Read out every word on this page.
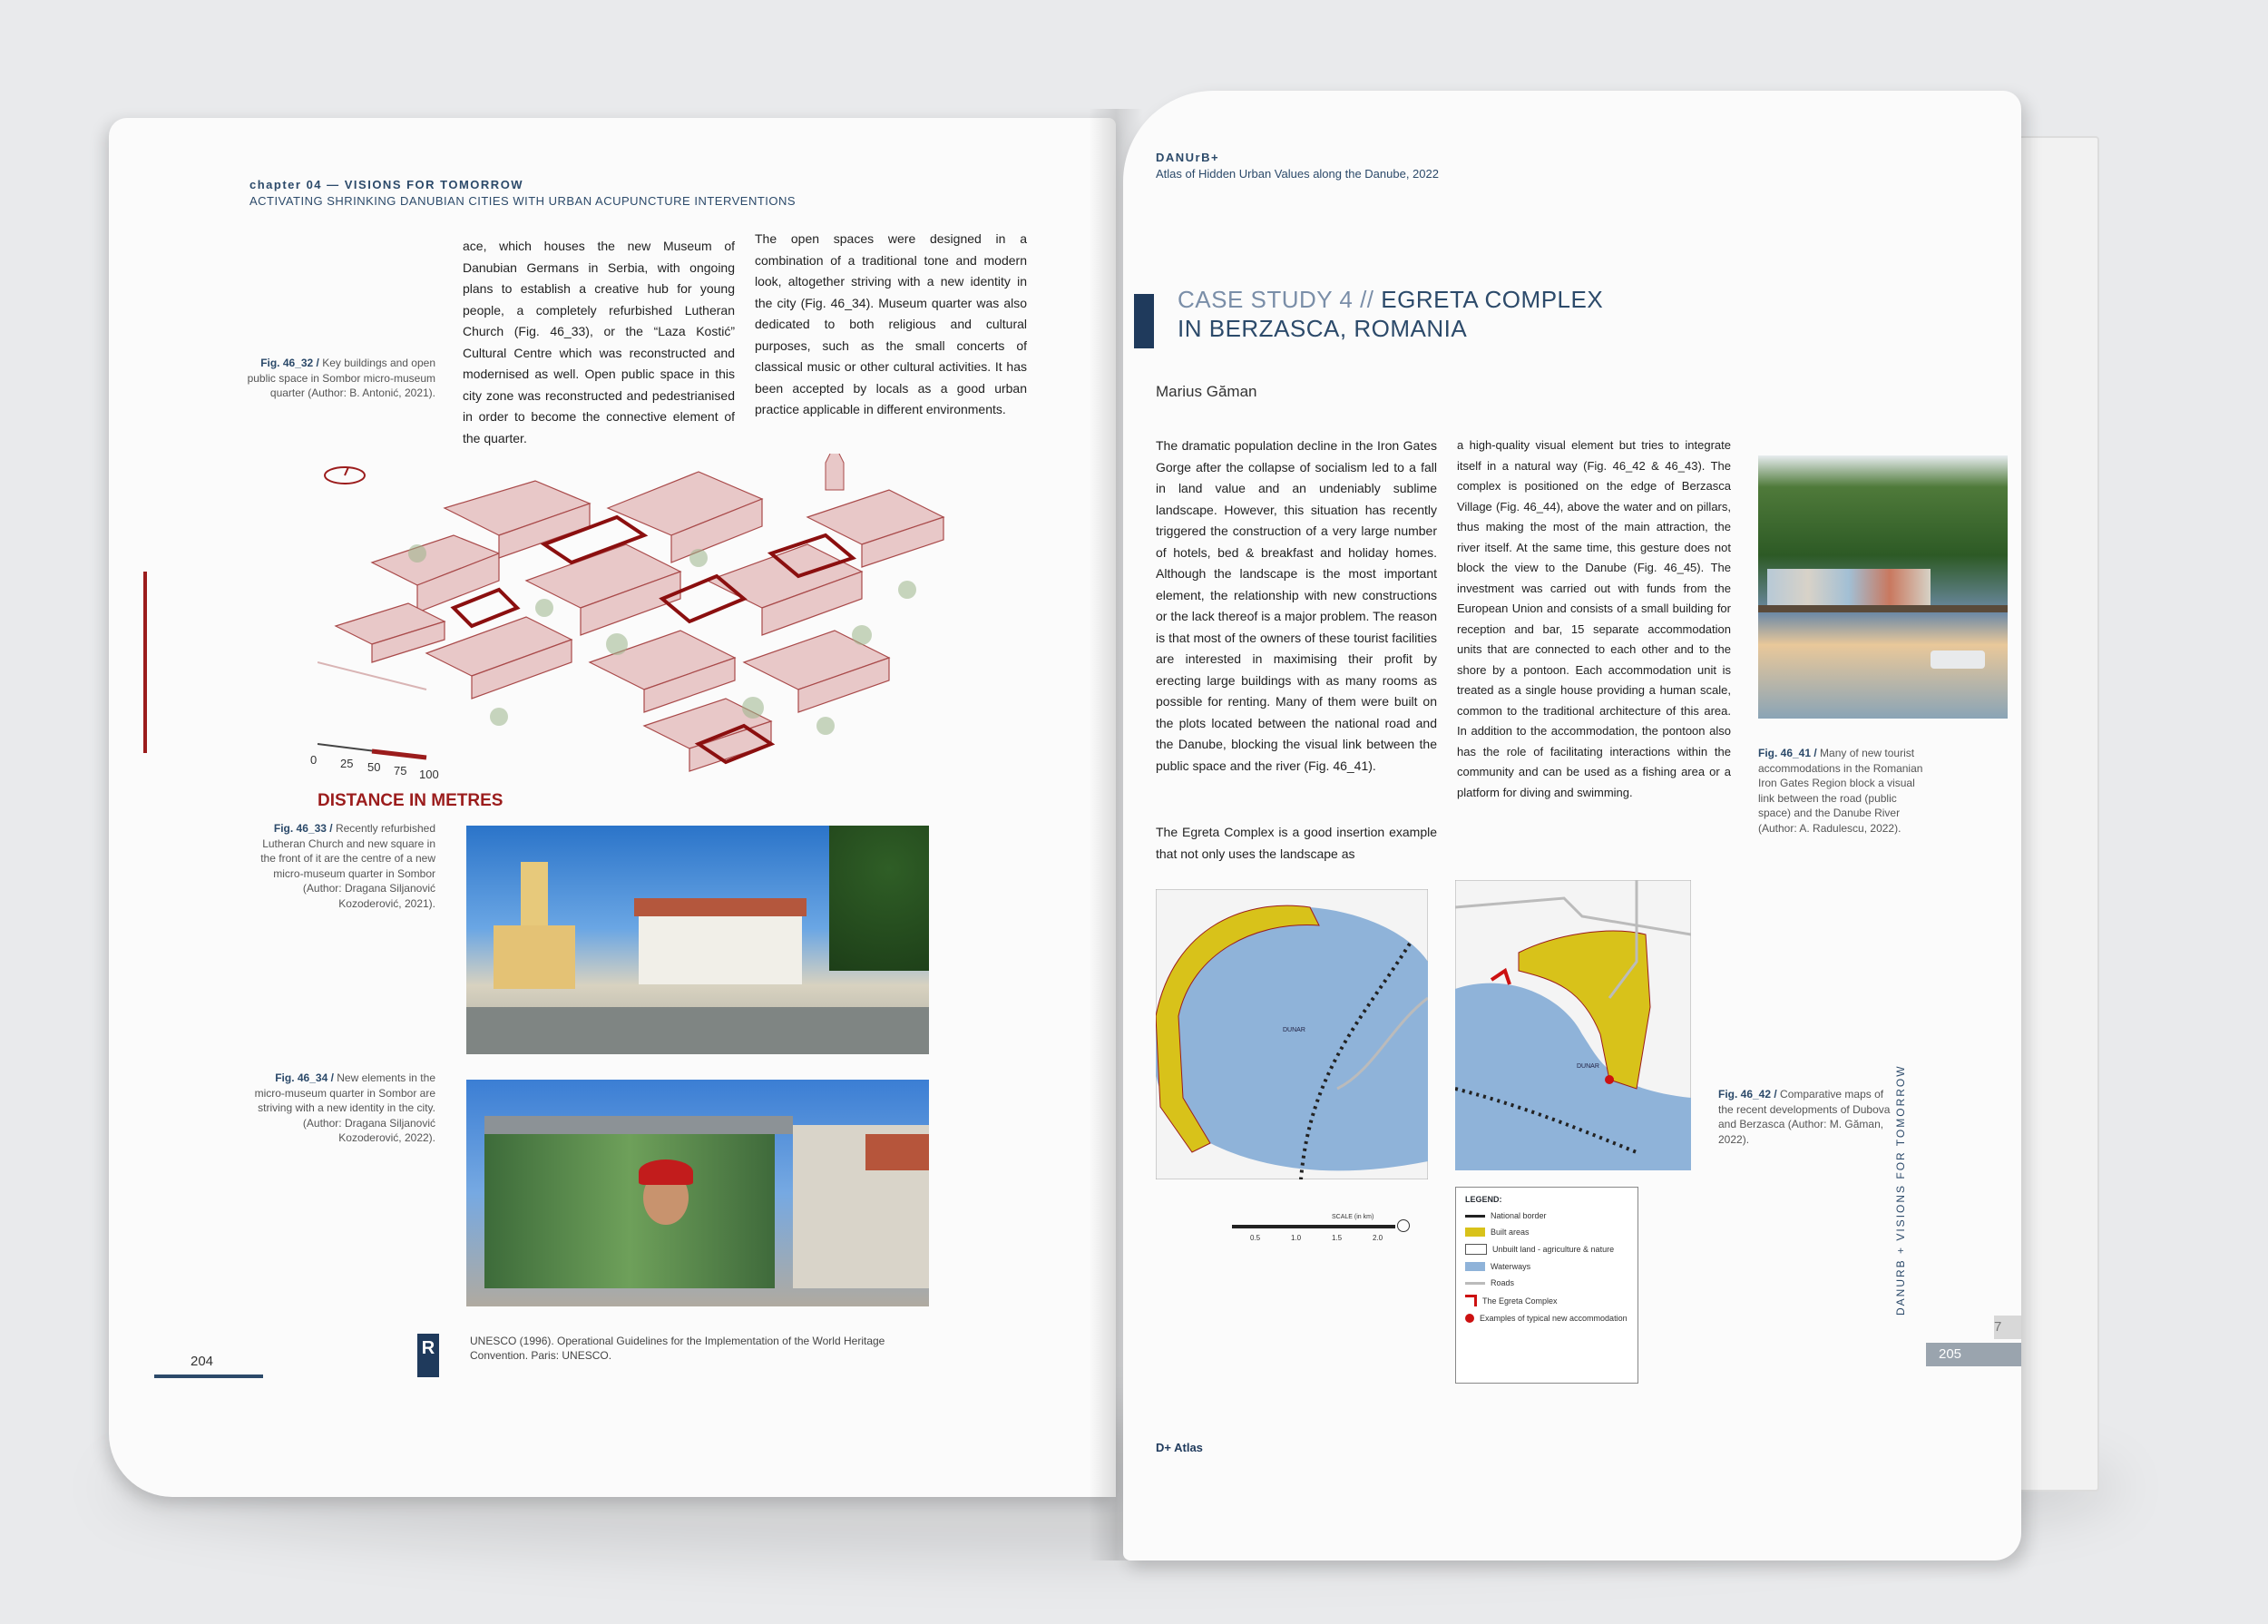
chapter 04 — VISIONS FOR TOMORROW
ACTIVATING SHRINKING DANUBIAN CITIES WITH URBAN ACUPUNCTURE INTERVENTIONS
ace, which houses the new Museum of Danubian Germans in Serbia, with ongoing plans to establish a creative hub for young people, a completely refurbished Lutheran Church (Fig. 46_33), or the “Laza Kostić” Cultural Centre which was reconstructed and modernised as well. Open public space in this city zone was reconstructed and pedestrianised in order to become the connective element of the quarter.
The open spaces were designed in a combination of a traditional tone and modern look, altogether striving with a new identity in the city (Fig. 46_34). Museum quarter was also dedicated to both religious and cultural purposes, such as the small concerts of classical music or other cultural activities. It has been accepted by locals as a good urban practice applicable in different environments.
Fig. 46_32 / Key buildings and open public space in Sombor micro-museum quarter (Author: B. Antonić, 2021).
0 25 50 75 100
DISTANCE IN METRES
Fig. 46_33 / Recently refurbished Lutheran Church and new square in the front of it are the centre of a new micro-museum quarter in Sombor (Author: Dragana Siljanović Kozoderović, 2021).
Fig. 46_34 / New elements in the micro-museum quarter in Sombor are striving with a new identity in the city. (Author: Dragana Siljanović Kozoderović, 2022).
R	UNESCO (1996). Operational Guidelines for the Implementation of the World Heritage Convention. Paris: UNESCO.
204
DANUrB+
Atlas of Hidden Urban Values along the Danube, 2022
CASE STUDY 4 // EGRETA COMPLEX
IN BERZASCA, ROMANIA
Marius Găman
The dramatic population decline in the Iron Gates Gorge after the collapse of socialism led to a fall in land value and an undeniably sublime landscape. However, this situation has recently triggered the construction of a very large number of hotels, bed & breakfast and holiday homes. Although the landscape is the most important element, the relationship with new constructions or the lack thereof is a major problem. The reason is that most of the owners of these tourist facilities are interested in maximising their profit by erecting large buildings with as many rooms as possible for renting. Many of them were built on the plots located between the national road and the Danube, blocking the visual link between the public space and the river (Fig. 46_41).
The Egreta Complex is a good insertion example that not only uses the landscape as
a high-quality visual element but tries to integrate itself in a natural way (Fig. 46_42 & 46_43). The complex is positioned on the edge of Berzasca Village (Fig. 46_44), above the water and on pillars, thus making the most of the main attraction, the river itself. At the same time, this gesture does not block the view to the Danube (Fig. 46_45). The investment was carried out with funds from the European Union and consists of a small building for reception and bar, 15 separate accommodation units that are connected to each other and to the shore by a pontoon. Each accommodation unit is treated as a single house providing a human scale, common to the traditional architecture of this area. In addition to the accommodation, the pontoon also has the role of facilitating interactions within the community and can be used as a fishing area or a platform for diving and swimming.
Fig. 46_41 / Many of new tourist accommodations in the Romanian Iron Gates Region block a visual link between the road (public space) and the Danube River (Author: A. Radulescu, 2022).
DUNAR
DUNAR
Fig. 46_42 / Comparative maps of the recent developments of Dubova and Berzasca (Author: M. Găman, 2022).
SCALE (in km)
0.5	1.0	1.5	2.0
LEGEND:
National border
Built areas
Unbuilt land - agriculture & nature
Waterways
Roads
The Egreta Complex
Examples of typical new accommodation
DANURB + VISIONS FOR TOMORROW
205
7
D+ Atlas
